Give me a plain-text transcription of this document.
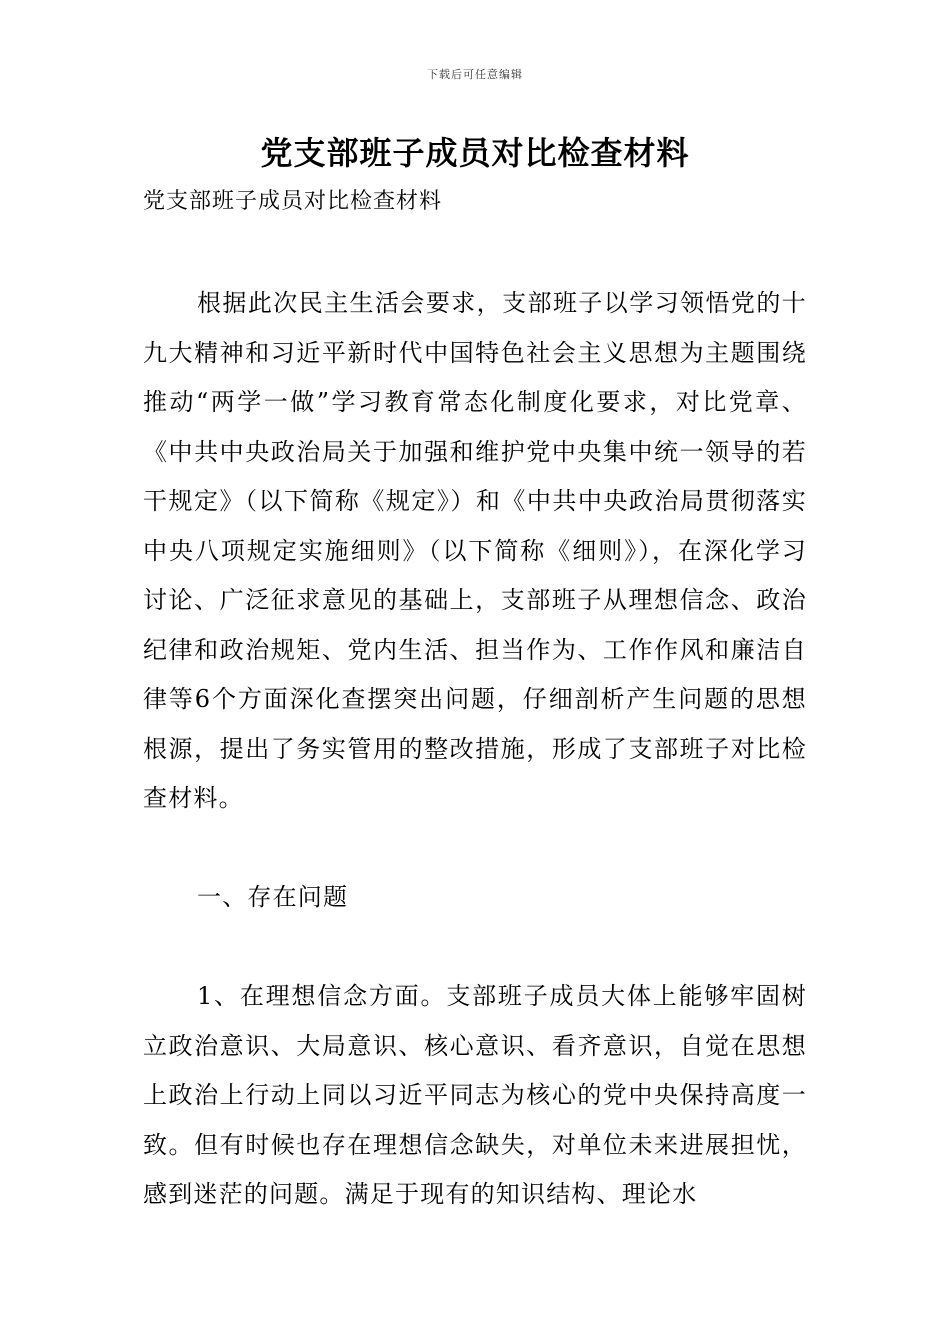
下载后可任意编辑
党支部班子成员对比检查材料
党支部班子成员对比检查材料

根据此次民主生活会要求，支部班子以学习领悟党的十九大精神和习近平新时代中国特色社会主义思想为主题围绕推动“两学一做”学习教育常态化制度化要求，对比党章、《中共中央政治局关于加强和维护党中央集中统一领导的若干规定》（以下简称《规定》）和《中共中央政治局贯彻落实中央八项规定实施细则》（以下简称《细则》），在深化学习讨论、广泛征求意见的基础上，支部班子从理想信念、政治纪律和政治规矩、党内生活、担当作为、工作作风和廉洁自律等6个方面深化查摆突出问题，仔细剖析产生问题的思想根源，提出了务实管用的整改措施，形成了支部班子对比检查材料。

一、存在问题

1、在理想信念方面。支部班子成员大体上能够牢固树立政治意识、大局意识、核心意识、看齐意识，自觉在思想上政治上行动上同以习近平同志为核心的党中央保持高度一致。但有时候也存在理想信念缺失，对单位未来进展担忧，感到迷茫的问题。满足于现有的知识结构、理论水
